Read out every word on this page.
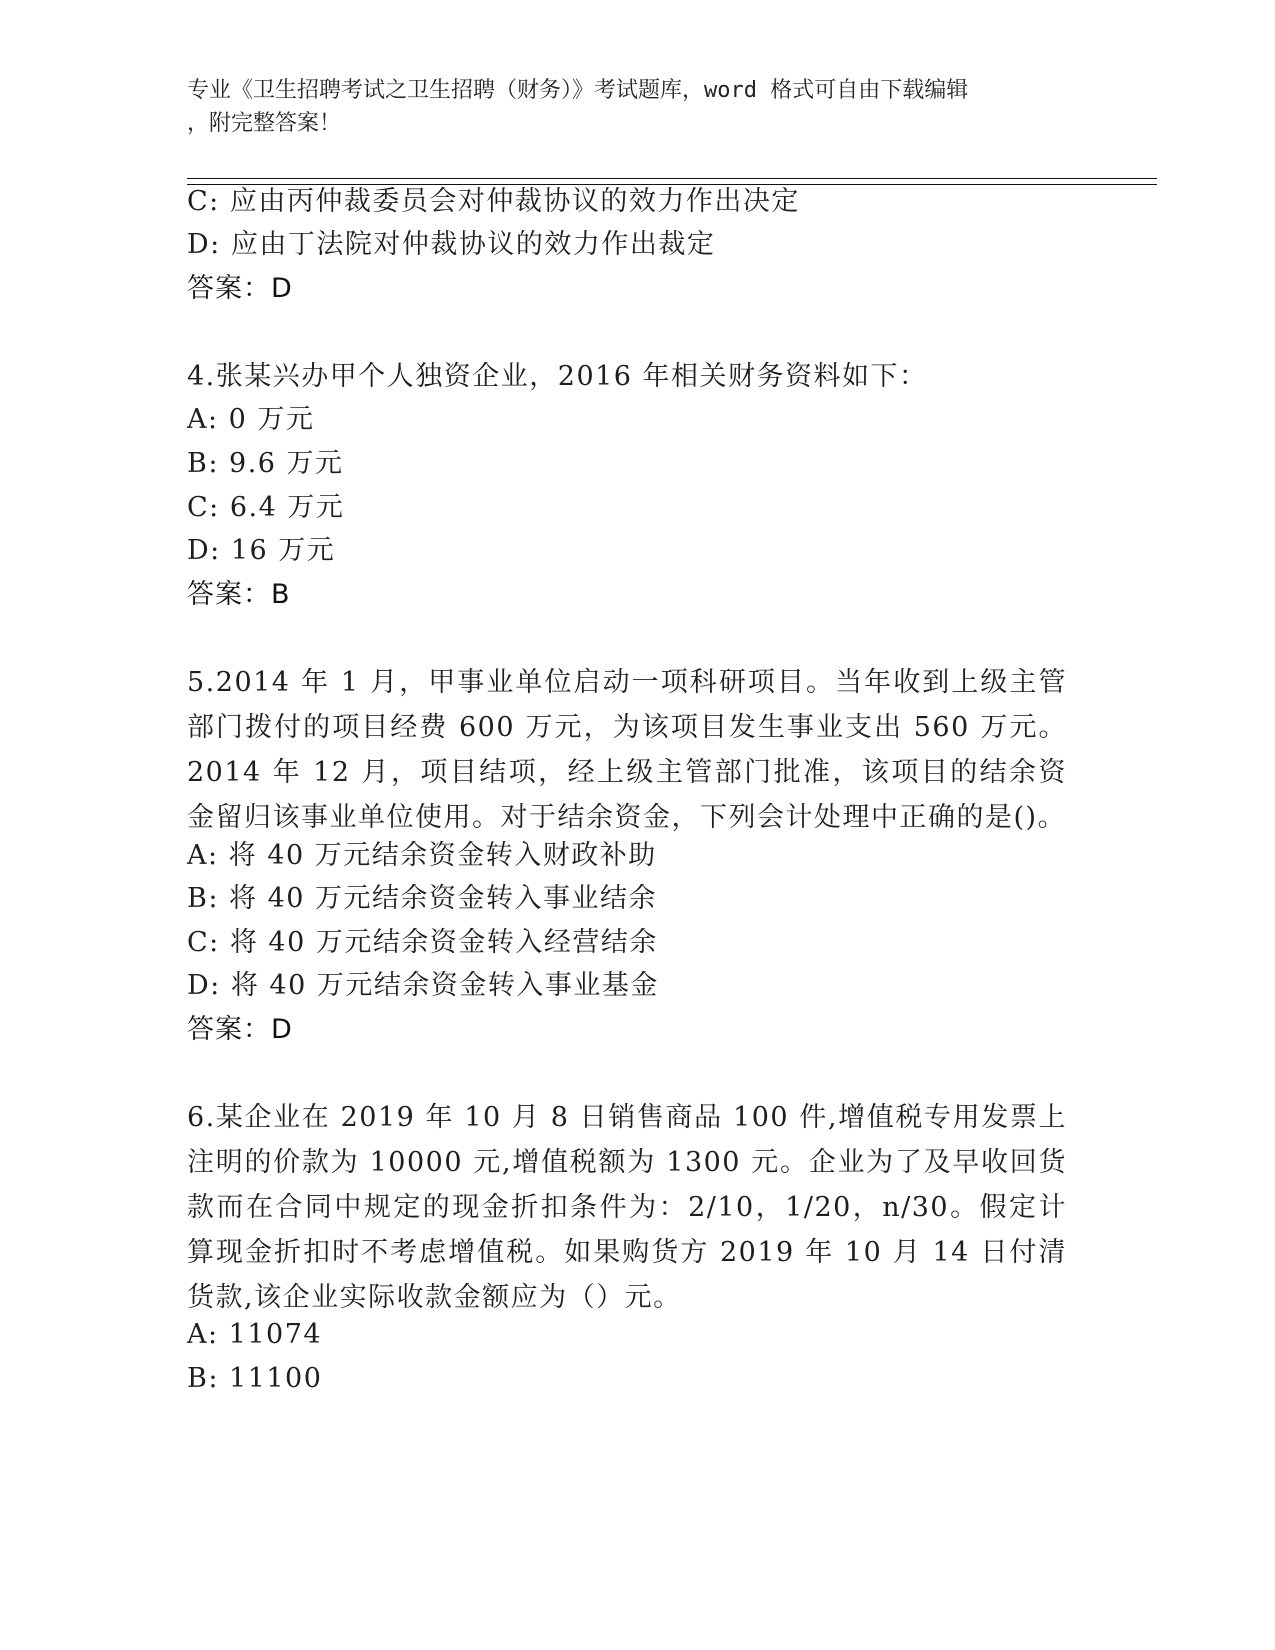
专业《卫生招聘考试之卫生招聘（财务）》考试题库，word 格式可自由下载编辑
，附完整答案！
C: 应由丙仲裁委员会对仲裁协议的效力作出决定
D: 应由丁法院对仲裁协议的效力作出裁定
答案：D
4.张某兴办甲个人独资企业，2016 年相关财务资料如下：
A: 0 万元
B: 9.6 万元
C: 6.4 万元
D: 16 万元
答案：B
5.2014 年 1 月，甲事业单位启动一项科研项目。当年收到上级主管部门拨付的项目经费 600 万元，为该项目发生事业支出 560 万元。2014 年 12 月，项目结项，经上级主管部门批准，该项目的结余资金留归该事业单位使用。对于结余资金，下列会计处理中正确的是()。
A: 将 40 万元结余资金转入财政补助
B: 将 40 万元结余资金转入事业结余
C: 将 40 万元结余资金转入经营结余
D: 将 40 万元结余资金转入事业基金
答案：D
6.某企业在 2019 年 10 月 8 日销售商品 100 件,增值税专用发票上注明的价款为 10000 元,增值税额为 1300 元。企业为了及早收回货款而在合同中规定的现金折扣条件为：2/10，1/20，n/30。假定计算现金折扣时不考虑增值税。如果购货方 2019 年 10 月 14 日付清货款,该企业实际收款金额应为（）元。
A: 11074
B: 11100
